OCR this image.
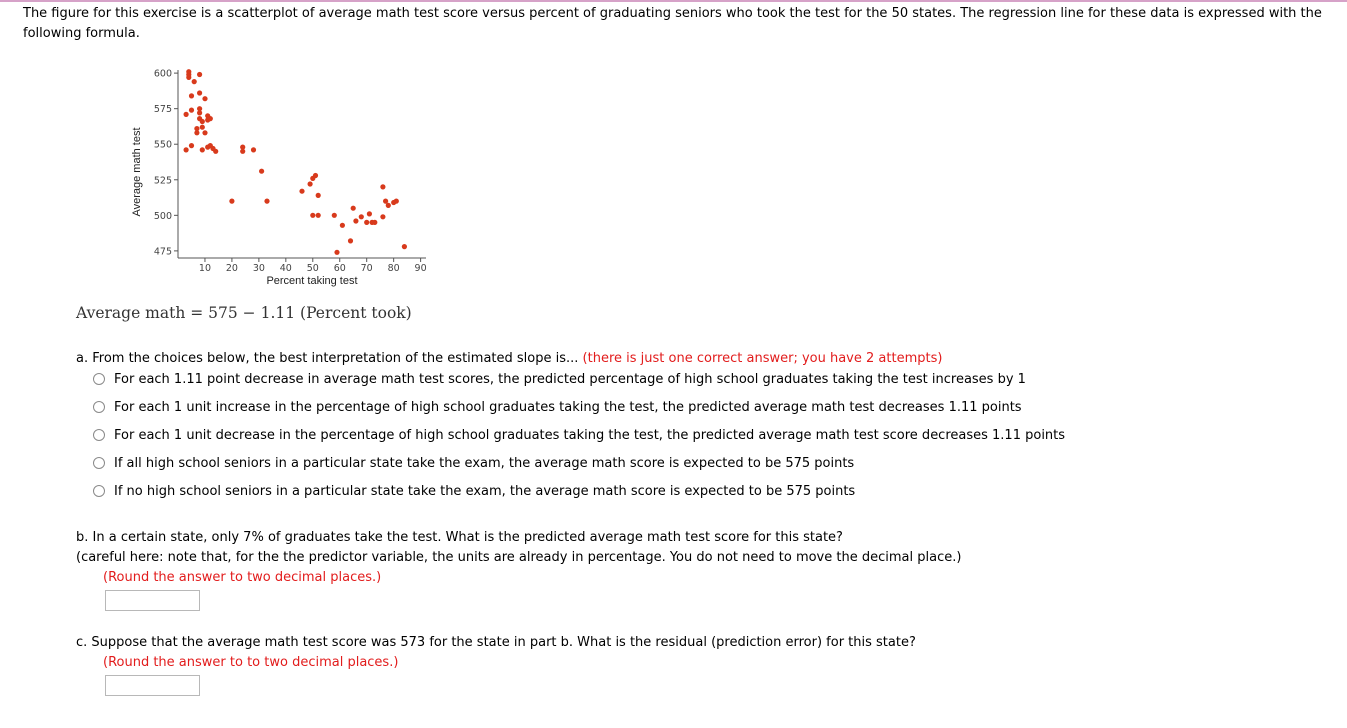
The figure for this exercise is a scatterplot of average math test score versus percent of graduating seniors who took the test for the 50 states. The regression line for these data is expressed with the following formula.
475
500
525
550
575
600
10 20 30 40 50 60 70 80 90
Percent taking test
Average math test
Average math = 575 − 1.11 (Percent took)
a. From the choices below, the best interpretation of the estimated slope is... (there is just one correct answer; you have 2 attempts)
For each 1.11 point decrease in average math test scores, the predicted percentage of high school graduates taking the test increases by 1
For each 1 unit increase in the percentage of high school graduates taking the test, the predicted average math test decreases 1.11 points
For each 1 unit decrease in the percentage of high school graduates taking the test, the predicted average math test score decreases 1.11 points
If all high school seniors in a particular state take the exam, the average math score is expected to be 575 points
If no high school seniors in a particular state take the exam, the average math score is expected to be 575 points
b. In a certain state, only 7% of graduates take the test. What is the predicted average math test score for this state?
(careful here: note that, for the the predictor variable, the units are already in percentage. You do not need to move the decimal place.)
(Round the answer to two decimal places.)
c. Suppose that the average math test score was 573 for the state in part b. What is the residual (prediction error) for this state?
(Round the answer to to two decimal places.)
